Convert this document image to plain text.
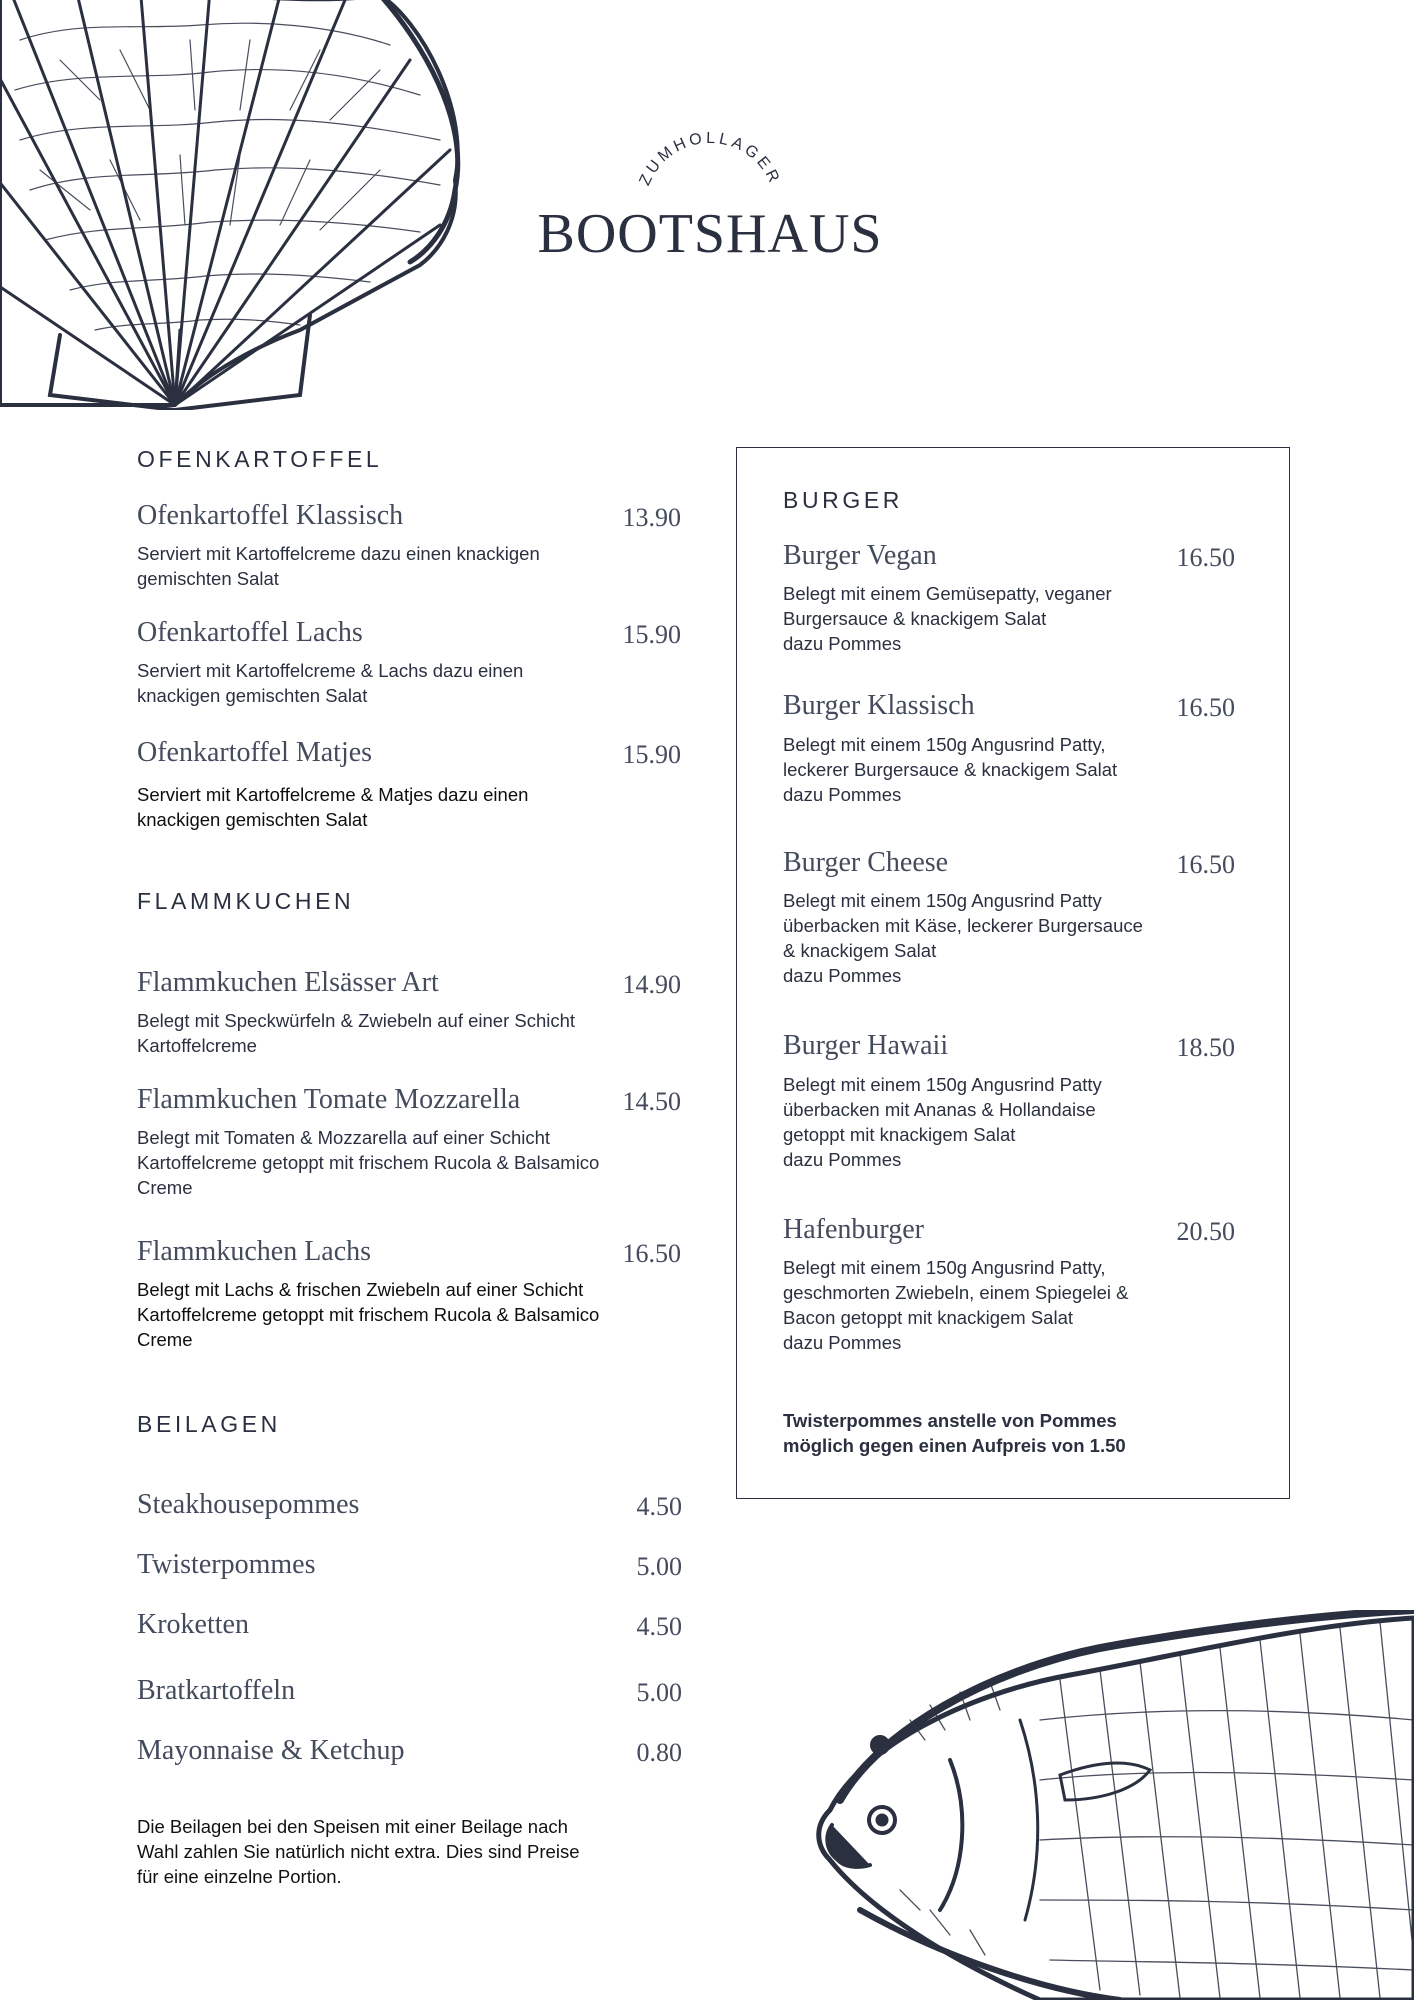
ZUMHOLLAGER
BOOTSHAUS
OFENKARTOFFEL
Ofenkartoffel Klassisch	13.90
Serviert mit Kartoffelcreme dazu einen knackigen
gemischten Salat
Ofenkartoffel Lachs	15.90
Serviert mit Kartoffelcreme & Lachs dazu einen
knackigen gemischten Salat
Ofenkartoffel Matjes	15.90
Serviert mit Kartoffelcreme & Matjes dazu einen
knackigen gemischten Salat
FLAMMKUCHEN
Flammkuchen Elsässer Art	14.90
Belegt mit Speckwürfeln & Zwiebeln auf einer Schicht
Kartoffelcreme
Flammkuchen Tomate Mozzarella	14.50
Belegt mit Tomaten & Mozzarella auf einer Schicht
Kartoffelcreme getoppt mit frischem Rucola & Balsamico
Creme
Flammkuchen Lachs	16.50
Belegt mit Lachs & frischen Zwiebeln auf einer Schicht
Kartoffelcreme getoppt mit frischem Rucola & Balsamico
Creme
BEILAGEN
Steakhousepommes	4.50
Twisterpommes	5.00
Kroketten	4.50
Bratkartoffeln	5.00
Mayonnaise & Ketchup	0.80
Die Beilagen bei den Speisen mit einer Beilage nach
Wahl zahlen Sie natürlich nicht extra. Dies sind Preise
für eine einzelne Portion.
BURGER
Burger Vegan	16.50
Belegt mit einem Gemüsepatty, veganer
Burgersauce & knackigem Salat
dazu Pommes
Burger Klassisch	16.50
Belegt mit einem 150g Angusrind Patty,
leckerer Burgersauce & knackigem Salat
dazu Pommes
Burger Cheese	16.50
Belegt mit einem 150g Angusrind Patty
überbacken mit Käse, leckerer Burgersauce
& knackigem Salat
dazu Pommes
Burger Hawaii	18.50
Belegt mit einem 150g Angusrind Patty
überbacken mit Ananas & Hollandaise
getoppt mit knackigem Salat
dazu Pommes
Hafenburger	20.50
Belegt mit einem 150g Angusrind Patty,
geschmorten Zwiebeln, einem Spiegelei &
Bacon getoppt mit knackigem Salat
dazu Pommes
Twisterpommes anstelle von Pommes
möglich gegen einen Aufpreis von 1.50
